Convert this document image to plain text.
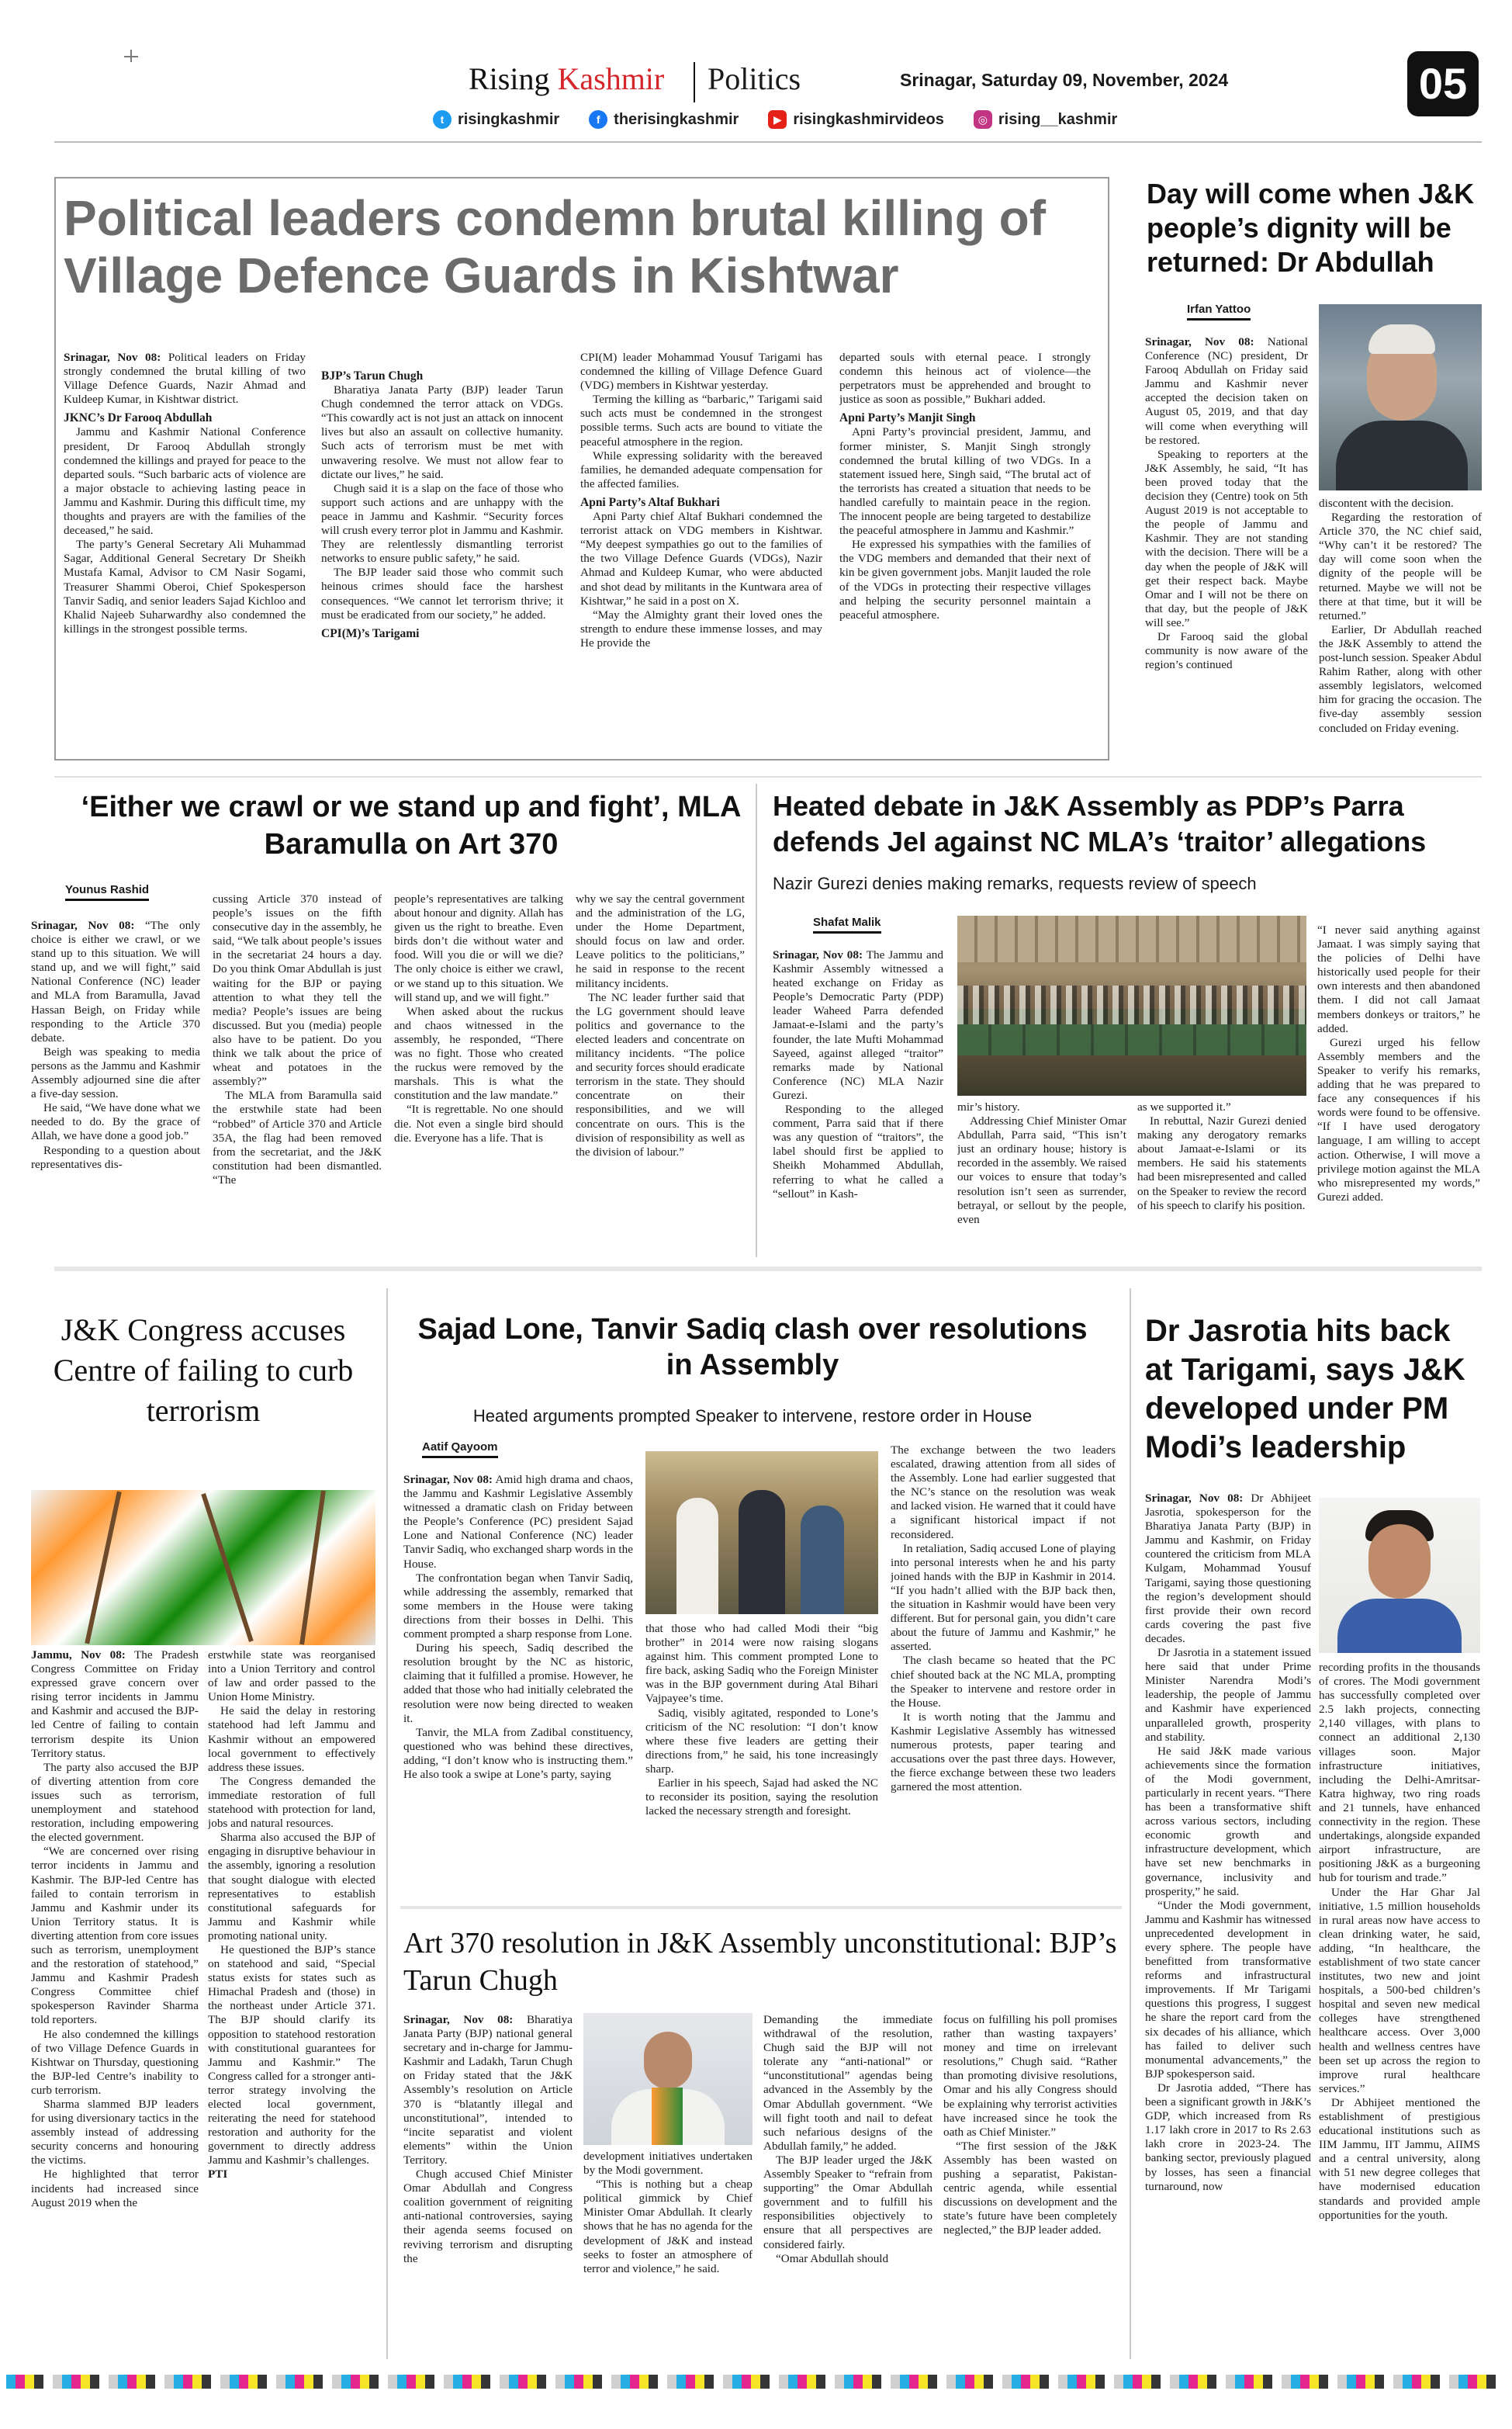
Rising Kashmir Politics	Srinagar, Saturday 09, November, 2024	05
t risingkashmir	f therisingkashmir	▶ risingkashmirvideos	◎ rising__kashmir
Political leaders condemn brutal killing of Village Defence Guards in Kishtwar

Srinagar, Nov 08: Political leaders on Friday strongly condemned the brutal killing of two Village Defence Guards, Nazir Ahmad and Kuldeep Kumar, in Kishtwar district.

JKNC’s Dr Farooq Abdullah

Jammu and Kashmir National Conference president, Dr Farooq Abdullah strongly condemned the killings and prayed for peace to the departed souls. “Such barbaric acts of violence are a major obstacle to achieving lasting peace in Jammu and Kashmir. During this difficult time, my thoughts and prayers are with the families of the deceased,” he said.

The party’s General Secretary Ali Muhammad Sagar, Additional General Secretary Dr Sheikh Mustafa Kamal, Advisor to CM Nasir Sogami, Treasurer Shammi Oberoi, Chief Spokesperson Tanvir Sadiq, and senior leaders Sajad Kichloo and Khalid Najeeb Suharwardhy also condemned the killings in the strongest possible terms.

BJP’s Tarun Chugh

Bharatiya Janata Party (BJP) leader Tarun Chugh condemned the terror attack on VDGs. “This cowardly act is not just an attack on innocent lives but also an assault on collective humanity. Such acts of terrorism must be met with unwavering resolve. We must not allow fear to dictate our lives,” he said.

Chugh said it is a slap on the face of those who support such actions and are unhappy with the peace in Jammu and Kashmir. “Security forces will crush every terror plot in Jammu and Kashmir. They are relentlessly dismantling terrorist networks to ensure public safety,” he said.

The BJP leader said those who commit such heinous crimes should face the harshest consequences. “We cannot let terrorism thrive; it must be eradicated from our society,” he added.

CPI(M)’s Tarigami

CPI(M) leader Mohammad Yousuf Tarigami has condemned the killing of Village Defence Guard (VDG) members in Kishtwar yesterday.

Terming the killing as “barbaric,” Tarigami said such acts must be condemned in the strongest possible terms. Such acts are bound to vitiate the peaceful atmosphere in the region.

While expressing solidarity with the bereaved families, he demanded adequate compensation for the affected families.

Apni Party’s Altaf Bukhari

Apni Party chief Altaf Bukhari condemned the terrorist attack on VDG members in Kishtwar. “My deepest sympathies go out to the families of the two Village Defence Guards (VDGs), Nazir Ahmad and Kuldeep Kumar, who were abducted and shot dead by militants in the Kuntwara area of Kishtwar,” he said in a post on X.

“May the Almighty grant their loved ones the strength to endure these immense losses, and may He provide the

departed souls with eternal peace. I strongly condemn this heinous act of violence—the perpetrators must be apprehended and brought to justice as soon as possible,” Bukhari added.

Apni Party’s Manjit Singh

Apni Party’s provincial president, Jammu, and former minister, S. Manjit Singh strongly condemned the brutal killing of two VDGs. In a statement issued here, Singh said, “The brutal act of the terrorists has created a situation that needs to be handled carefully to maintain peace in the region. The innocent people are being targeted to destabilize the peaceful atmosphere in Jammu and Kashmir.”

He expressed his sympathies with the families of the VDG members and demanded that their next of kin be given government jobs. Manjit lauded the role of the VDGs in protecting their respective villages and helping the security personnel maintain a peaceful atmosphere.

Day will come when J&K people’s dignity will be returned: Dr Abdullah
Irfan Yattoo

Srinagar, Nov 08: National Conference (NC) president, Dr Farooq Abdullah on Friday said Jammu and Kashmir never accepted the decision taken on August 05, 2019, and that day will come when everything will be restored.

Speaking to reporters at the J&K Assembly, he said, “It has been proved today that the decision they (Centre) took on 5th August 2019 is not acceptable to the people of Jammu and Kashmir. They are not standing with the decision. There will be a day when the people of J&K will get their respect back. Maybe Omar and I will not be there on that day, but the people of J&K will see.”

Dr Farooq said the global community is now aware of the region’s continued

discontent with the decision.

Regarding the restoration of Article 370, the NC chief said, “Why can’t it be restored? The day will come soon when the dignity of the people will be returned. Maybe we will not be there at that time, but it will be returned.”

Earlier, Dr Abdullah reached the J&K Assembly to attend the post-lunch session. Speaker Abdul Rahim Rather, along with other assembly legislators, welcomed him for gracing the occasion. The five-day assembly session concluded on Friday evening.

‘Either we crawl or we stand up and fight’, MLA Baramulla on Art 370
Younus Rashid

Srinagar, Nov 08: “The only choice is either we crawl, or we stand up to this situation. We will stand up, and we will fight,” said National Conference (NC) leader and MLA from Baramulla, Javad Hassan Beigh, on Friday while responding to the Article 370 debate.

Beigh was speaking to media persons as the Jammu and Kashmir Assembly adjourned sine die after a five-day session.

He said, “We have done what we needed to do. By the grace of Allah, we have done a good job.”

Responding to a question about representatives dis-

cussing Article 370 instead of people’s issues on the fifth consecutive day in the assembly, he said, “We talk about people’s issues in the secretariat 24 hours a day. Do you think Omar Abdullah is just waiting for the BJP or paying attention to what they tell the media? People’s issues are being discussed. But you (media) people also have to be patient. Do you think we talk about the price of wheat and potatoes in the assembly?”

The MLA from Baramulla said the erstwhile state had been “robbed” of Article 370 and Article 35A, the flag had been removed from the secretariat, and the J&K constitution had been dismantled. “The

people’s representatives are talking about honour and dignity. Allah has given us the right to breathe. Even birds don’t die without water and food. Will you die or will we die? The only choice is either we crawl, or we stand up to this situation. We will stand up, and we will fight.”

When asked about the ruckus and chaos witnessed in the assembly, he responded, “There was no fight. Those who created the ruckus were removed by the marshals. This is what the constitution and the law mandate.”

“It is regrettable. No one should die. Not even a single bird should die. Everyone has a life. That is

why we say the central government and the administration of the LG, under the Home Department, should focus on law and order. Leave politics to the politicians,” he said in response to the recent militancy incidents.

The NC leader further said that the LG government should leave politics and governance to the elected leaders and concentrate on militancy incidents. “The police and security forces should eradicate terrorism in the state. They should concentrate on their responsibilities, and we will concentrate on ours. This is the division of responsibility as well as the division of labour.”

Heated debate in J&K Assembly as PDP’s Parra defends JeI against NC MLA’s ‘traitor’ allegations
Nazir Gurezi denies making remarks, requests review of speech
Shafat Malik

Srinagar, Nov 08: The Jammu and Kashmir Assembly witnessed a heated exchange on Friday as People’s Democratic Party (PDP) leader Waheed Parra defended Jamaat-e-Islami and the party’s founder, the late Mufti Mohammad Sayeed, against alleged “traitor” remarks made by National Conference (NC) MLA Nazir Gurezi.

Responding to the alleged comment, Parra said that if there was any question of “traitors”, the label should first be applied to Sheikh Mohammed Abdullah, referring to what he called a “sellout” in Kash-

mir’s history.

Addressing Chief Minister Omar Abdullah, Parra said, “This isn’t just an ordinary house; history is recorded in the assembly. We raised our voices to ensure that today’s resolution isn’t seen as surrender, betrayal, or sellout by the people, even

as we supported it.”

In rebuttal, Nazir Gurezi denied making any derogatory remarks about Jamaat-e-Islami or its members. He said his statements had been misrepresented and called on the Speaker to review the record of his speech to clarify his position.

“I never said anything against Jamaat. I was simply saying that the policies of Delhi have historically used people for their own interests and then abandoned them. I did not call Jamaat members donkeys or traitors,” he added.

Gurezi urged his fellow Assembly members and the Speaker to verify his remarks, adding that he was prepared to face any consequences if his words were found to be offensive. “If I have used derogatory language, I am willing to accept action. Otherwise, I will move a privilege motion against the MLA who misrepresented my words,” Gurezi added.

J&K Congress accuses Centre of failing to curb terrorism

Jammu, Nov 08: The Pradesh Congress Committee on Friday expressed grave concern over rising terror incidents in Jammu and Kashmir and accused the BJP-led Centre of failing to contain terrorism despite its Union Territory status.

The party also accused the BJP of diverting attention from core issues such as terrorism, unemployment and statehood restoration, including empowering the elected government.

“We are concerned over rising terror incidents in Jammu and Kashmir. The BJP-led Centre has failed to contain terrorism in Jammu and Kashmir under its Union Territory status. It is diverting attention from core issues such as terrorism, unemployment and the restoration of statehood,” Jammu and Kashmir Pradesh Congress Committee chief spokesperson Ravinder Sharma told reporters.

He also condemned the killings of two Village Defence Guards in Kishtwar on Thursday, questioning the BJP-led Centre’s inability to curb terrorism.

Sharma slammed BJP leaders for using diversionary tactics in the assembly instead of addressing security concerns and honouring the victims.

He highlighted that terror incidents had increased since August 2019 when the

erstwhile state was reorganised into a Union Territory and control of law and order passed to the Union Home Ministry.

He said the delay in restoring statehood had left Jammu and Kashmir without an empowered local government to effectively address these issues.

The Congress demanded the immediate restoration of full statehood with protection for land, jobs and natural resources.

Sharma also accused the BJP of engaging in disruptive behaviour in the assembly, ignoring a resolution that sought dialogue with elected representatives to establish constitutional safeguards for Jammu and Kashmir while promoting national unity.

He questioned the BJP’s stance on statehood and said, “Special status exists for states such as Himachal Pradesh and (those) in the northeast under Article 371. The BJP should clarify its opposition to statehood restoration with constitutional guarantees for Jammu and Kashmir.” The Congress called for a stronger anti-terror strategy involving the elected local government, reiterating the need for statehood restoration and authority for the government to directly address Jammu and Kashmir’s challenges.

PTI

Sajad Lone, Tanvir Sadiq clash over resolutions in Assembly
Heated arguments prompted Speaker to intervene, restore order in House
Aatif Qayoom

Srinagar, Nov 08: Amid high drama and chaos, the Jammu and Kashmir Legislative Assembly witnessed a dramatic clash on Friday between the People’s Conference (PC) president Sajad Lone and National Conference (NC) leader Tanvir Sadiq, who exchanged sharp words in the House.

The confrontation began when Tanvir Sadiq, while addressing the assembly, remarked that some members in the House were taking directions from their bosses in Delhi. This comment prompted a sharp response from Lone.

During his speech, Sadiq described the resolution brought by the NC as historic, claiming that it fulfilled a promise. However, he added that those who had initially celebrated the resolution were now being directed to weaken it.

Tanvir, the MLA from Zadibal constituency, questioned who was behind these directives, adding, “I don’t know who is instructing them.” He also took a swipe at Lone’s party, saying

that those who had called Modi their “big brother” in 2014 were now raising slogans against him. This comment prompted Lone to fire back, asking Sadiq who the Foreign Minister was in the BJP government during Atal Bihari Vajpayee’s time.

Sadiq, visibly agitated, responded to Lone’s criticism of the NC resolution: “I don’t know where these five leaders are getting their directions from,” he said, his tone increasingly sharp.

Earlier in his speech, Sajad had asked the NC to reconsider its position, saying the resolution lacked the necessary strength and foresight.

The exchange between the two leaders escalated, drawing attention from all sides of the Assembly. Lone had earlier suggested that the NC’s stance on the resolution was weak and lacked vision. He warned that it could have a significant historical impact if not reconsidered.

In retaliation, Sadiq accused Lone of playing into personal interests when he and his party joined hands with the BJP in Kashmir in 2014. “If you hadn’t allied with the BJP back then, the situation in Kashmir would have been very different. But for personal gain, you didn’t care about the future of Jammu and Kashmir,” he asserted.

The clash became so heated that the PC chief shouted back at the NC MLA, prompting the Speaker to intervene and restore order in the House.

It is worth noting that the Jammu and Kashmir Legislative Assembly has witnessed numerous protests, paper tearing and accusations over the past three days. However, the fierce exchange between these two leaders garnered the most attention.

Art 370 resolution in J&K Assembly unconstitutional: BJP’s Tarun Chugh

Srinagar, Nov 08: Bharatiya Janata Party (BJP) national general secretary and in-charge for Jammu-Kashmir and Ladakh, Tarun Chugh on Friday stated that the J&K Assembly’s resolution on Article 370 is “blatantly illegal and unconstitutional”, intended to “incite separatist and violent elements” within the Union Territory.

Chugh accused Chief Minister Omar Abdullah and Congress coalition government of reigniting anti-national controversies, saying their agenda seems focused on reviving terrorism and disrupting the

development initiatives undertaken by the Modi government.

“This is nothing but a cheap political gimmick by Chief Minister Omar Abdullah. It clearly shows that he has no agenda for the development of J&K and instead seeks to foster an atmosphere of terror and violence,” he said.

Demanding the immediate withdrawal of the resolution, Chugh said the BJP will not tolerate any “anti-national” or “unconstitutional” agendas being advanced in the Assembly by the Omar Abdullah government. “We will fight tooth and nail to defeat such nefarious designs of the Abdullah family,” he added.

The BJP leader urged the J&K Assembly Speaker to “refrain from supporting” the Omar Abdullah government and to fulfill his responsibilities objectively to ensure that all perspectives are considered fairly.

“Omar Abdullah should

focus on fulfilling his poll promises rather than wasting taxpayers’ money and time on irrelevant resolutions,” Chugh said. “Rather than promoting divisive resolutions, Omar and his ally Congress should be explaining why terrorist activities have increased since he took the oath as Chief Minister.”

“The first session of the J&K Assembly has been wasted on pushing a separatist, Pakistan-centric agenda, while essential discussions on development and the state’s future have been completely neglected,” the BJP leader added.

Dr Jasrotia hits back at Tarigami, says J&K developed under PM Modi’s leadership

Srinagar, Nov 08: Dr Abhijeet Jasrotia, spokesperson for the Bharatiya Janata Party (BJP) in Jammu and Kashmir, on Friday countered the criticism from MLA Kulgam, Mohammad Yousuf Tarigami, saying those questioning the region’s development should first provide their own record cards covering the past five decades.

Dr Jasrotia in a statement issued here said that under Prime Minister Narendra Modi’s leadership, the people of Jammu and Kashmir have experienced unparalleled growth, prosperity and stability.

He said J&K made various achievements since the formation of the Modi government, particularly in recent years. “There has been a transformative shift across various sectors, including economic growth and infrastructure development, which have set new benchmarks in governance, inclusivity and prosperity,” he said.

“Under the Modi government, Jammu and Kashmir has witnessed unprecedented development in every sphere. The people have benefitted from transformative reforms and infrastructural improvements. If Mr Tarigami questions this progress, I suggest he share the report card from the six decades of his alliance, which has failed to deliver such monumental advancements,” the BJP spokesperson said.

Dr Jasrotia added, “There has been a significant growth in J&K’s GDP, which increased from Rs 1.17 lakh crore in 2017 to Rs 2.63 lakh crore in 2023-24. The banking sector, previously plagued by losses, has seen a financial turnaround, now

recording profits in the thousands of crores. The Modi government has successfully completed over 2.5 lakh projects, connecting 2,140 villages, with plans to connect an additional 2,130 villages soon. Major infrastructure initiatives, including the Delhi-Amritsar-Katra highway, two ring roads and 21 tunnels, have enhanced connectivity in the region. These undertakings, alongside expanded airport infrastructure, are positioning J&K as a burgeoning hub for tourism and trade.”

Under the Har Ghar Jal initiative, 1.5 million households in rural areas now have access to clean drinking water, he said, adding, “In healthcare, the establishment of two state cancer institutes, two new and joint hospitals, a 500-bed children’s hospital and seven new medical colleges have strengthened healthcare access. Over 3,000 health and wellness centres have been set up across the region to improve rural healthcare services.”

Dr Abhijeet mentioned the establishment of prestigious educational institutions such as IIM Jammu, IIT Jammu, AIIMS and a central university, along with 51 new degree colleges that have modernised education standards and provided ample opportunities for the youth.
